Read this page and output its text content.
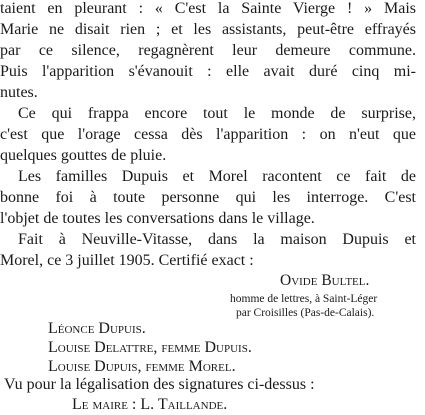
taient en pleurant : « C'est la Sainte Vierge ! » Mais
Marie ne disait rien ; et les assistants, peut-être effrayés
par ce silence, regagnèrent leur demeure commune.
Puis l'apparition s'évanouit : elle avait duré cinq mi-
nutes.
Ce qui frappa encore tout le monde de surprise,
c'est que l'orage cessa dès l'apparition : on n'eut que
quelques gouttes de pluie.
Les familles Dupuis et Morel racontent ce fait de
bonne foi à toute personne qui les interroge. C'est
l'objet de toutes les conversations dans le village.
Fait à Neuville-Vitasse, dans la maison Dupuis et
Morel, ce 3 juillet 1905. Certifié exact :
Ovide Bultel.
homme de lettres, à Saint-Léger
par Croisilles (Pas-de-Calais).
Léonce Dupuis.
Louise Delattre, femme Dupuis.
Louise Dupuis, femme Morel.
Vu pour la légalisation des signatures ci-dessus :
Le maire : L. Taillande.
